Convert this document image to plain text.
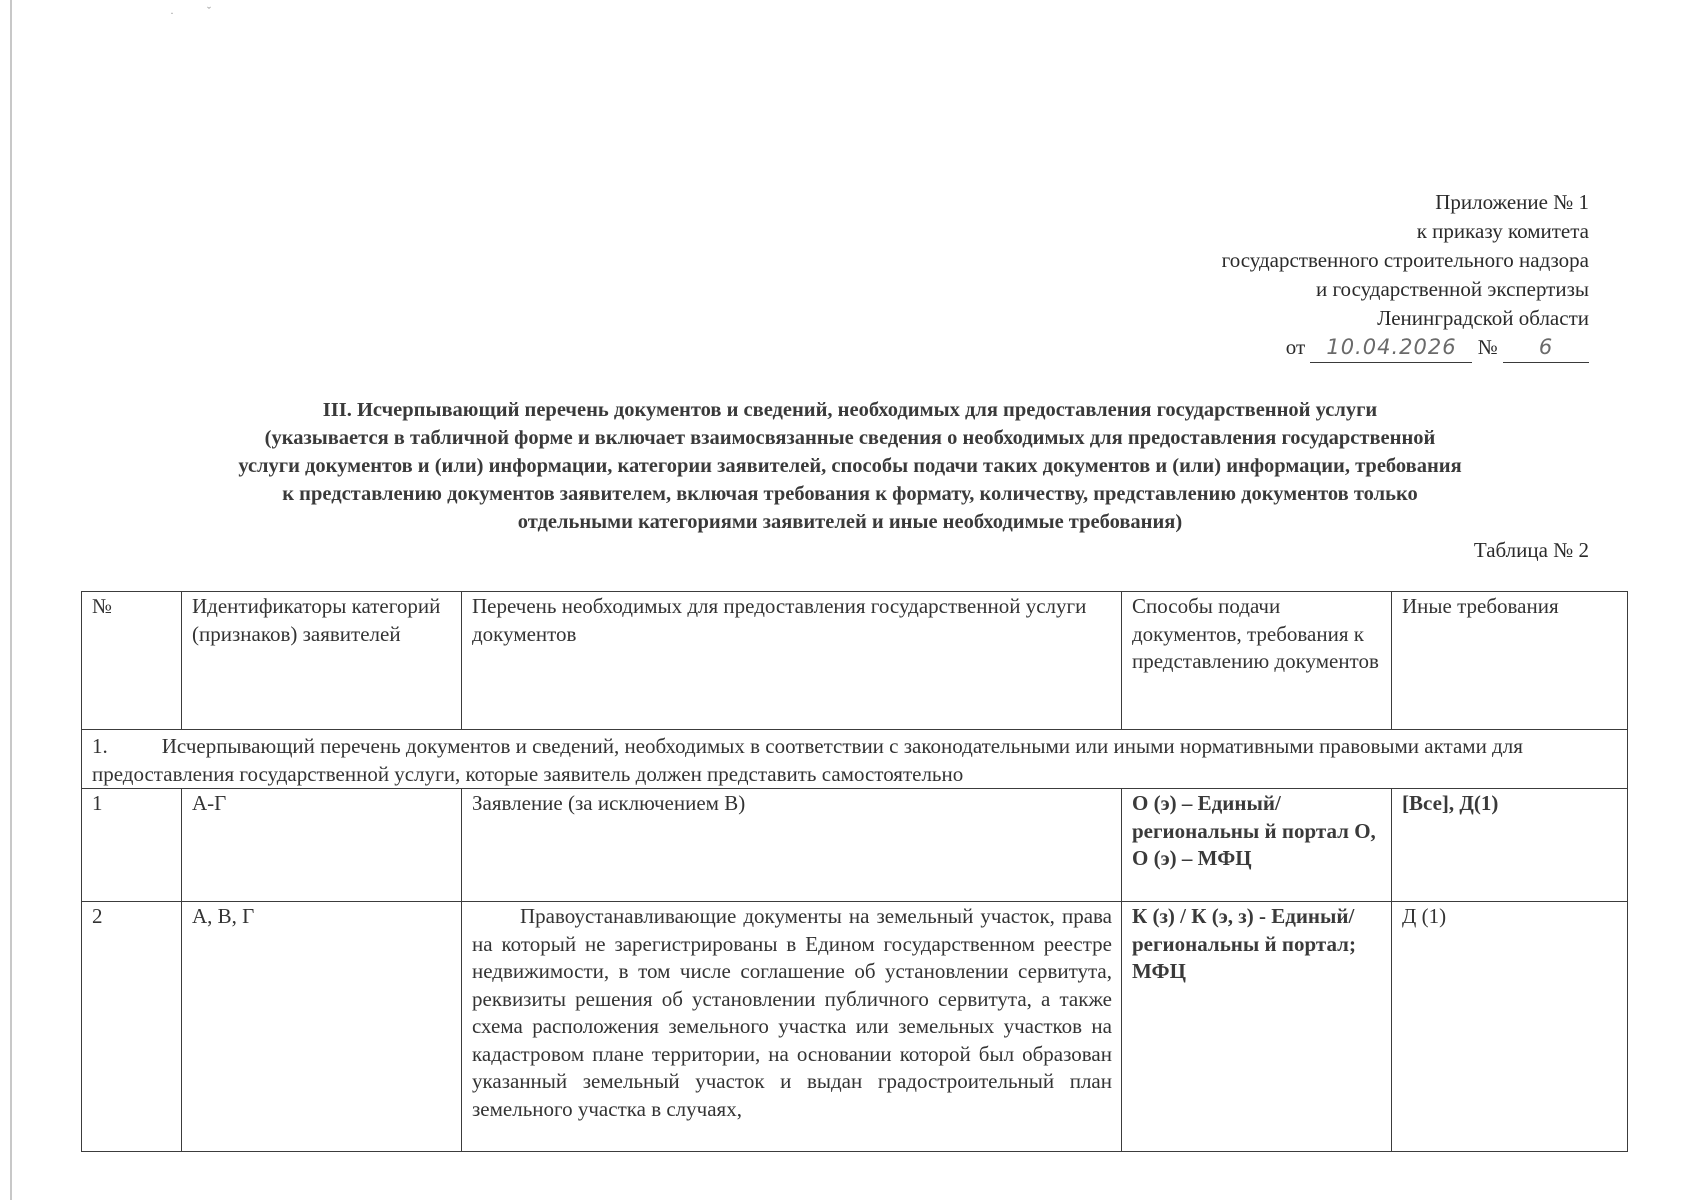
·	ˇ
Приложение № 1
к приказу комитета
государственного строительного надзора
и государственной экспертизы
Ленинградской области
от 10.04.2026 № 6
III. Исчерпывающий перечень документов и сведений, необходимых для предоставления государственной услуги
(указывается в табличной форме и включает взаимосвязанные сведения о необходимых для предоставления государственной
услуги документов и (или) информации, категории заявителей, способы подачи таких документов и (или) информации, требования
к представлению документов заявителем, включая требования к формату, количеству, представлению документов только
отдельными категориями заявителей и иные необходимые требования)
Таблица № 2
№	Идентификаторы категорий (признаков) заявителей	Перечень необходимых для предоставления государственной услуги документов	Способы подачи документов, требования к представлению документов	Иные требования
1. Исчерпывающий перечень документов и сведений, необходимых в соответствии с законодательными или иными нормативными правовыми актами для предоставления государственной услуги, которые заявитель должен представить самостоятельно				
1	А-Г	Заявление (за исключением В)	О (э) – Единый/региональны й портал О, О (э) – МФЦ	[Все], Д(1)
2	А, В, Г	Правоустанавливающие документы на земельный участок, права на который не зарегистрированы в Едином государственном реестре недвижимости, в том числе соглашение об установлении сервитута, реквизиты решения об установлении публичного сервитута, а также схема расположения земельного участка или земельных участков на кадастровом плане территории, на основании которой был образован указанный земельный участок и выдан градостроительный план земельного участка в случаях,	К (з) / К (э, з) - Единый/региональны й портал; МФЦ	Д (1)
